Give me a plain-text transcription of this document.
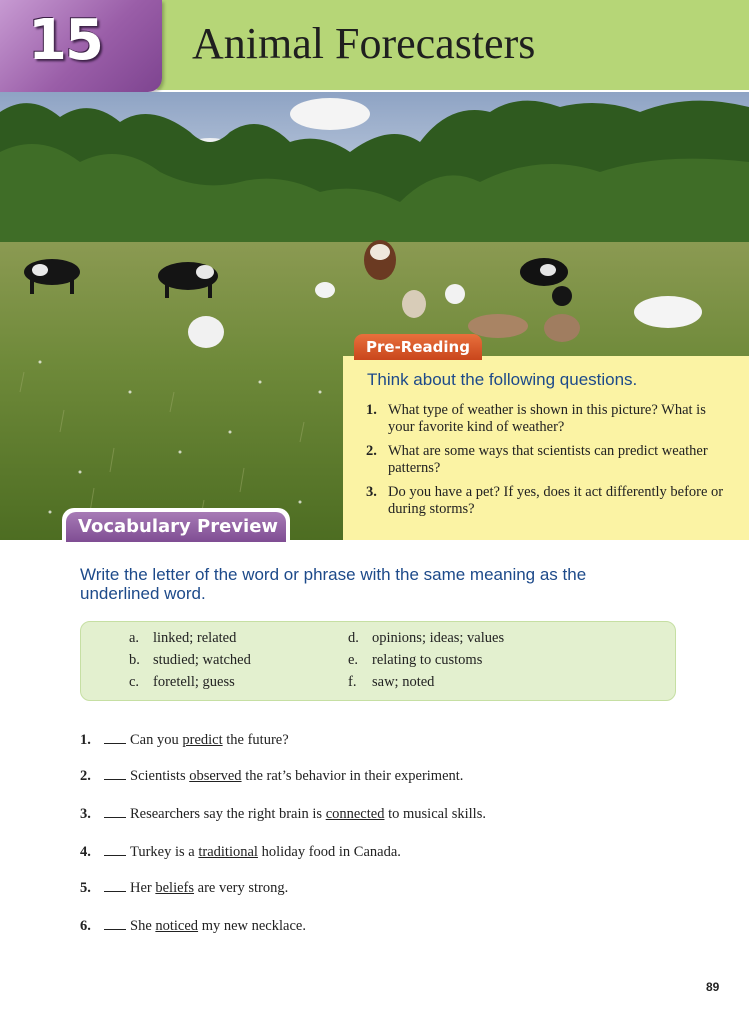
15 Animal Forecasters
Pre-Reading
Think about the following questions.
1. What type of weather is shown in this picture? What is your favorite kind of weather?
2. What are some ways that scientists can predict weather patterns?
3. Do you have a pet? If yes, does it act differently before or during storms?
Vocabulary Preview

Write the letter of the word or phrase with the same meaning as the underlined word.

a. linked; related
b. studied; watched
c. foretell; guess
d. opinions; ideas; values
e. relating to customs
f. saw; noted
1.	Can you predict the future?
2.	Scientists observed the rat’s behavior in their experiment.
3.	Researchers say the right brain is connected to musical skills.
4.	Turkey is a traditional holiday food in Canada.
5.	Her beliefs are very strong.
6.	She noticed my new necklace.
89
